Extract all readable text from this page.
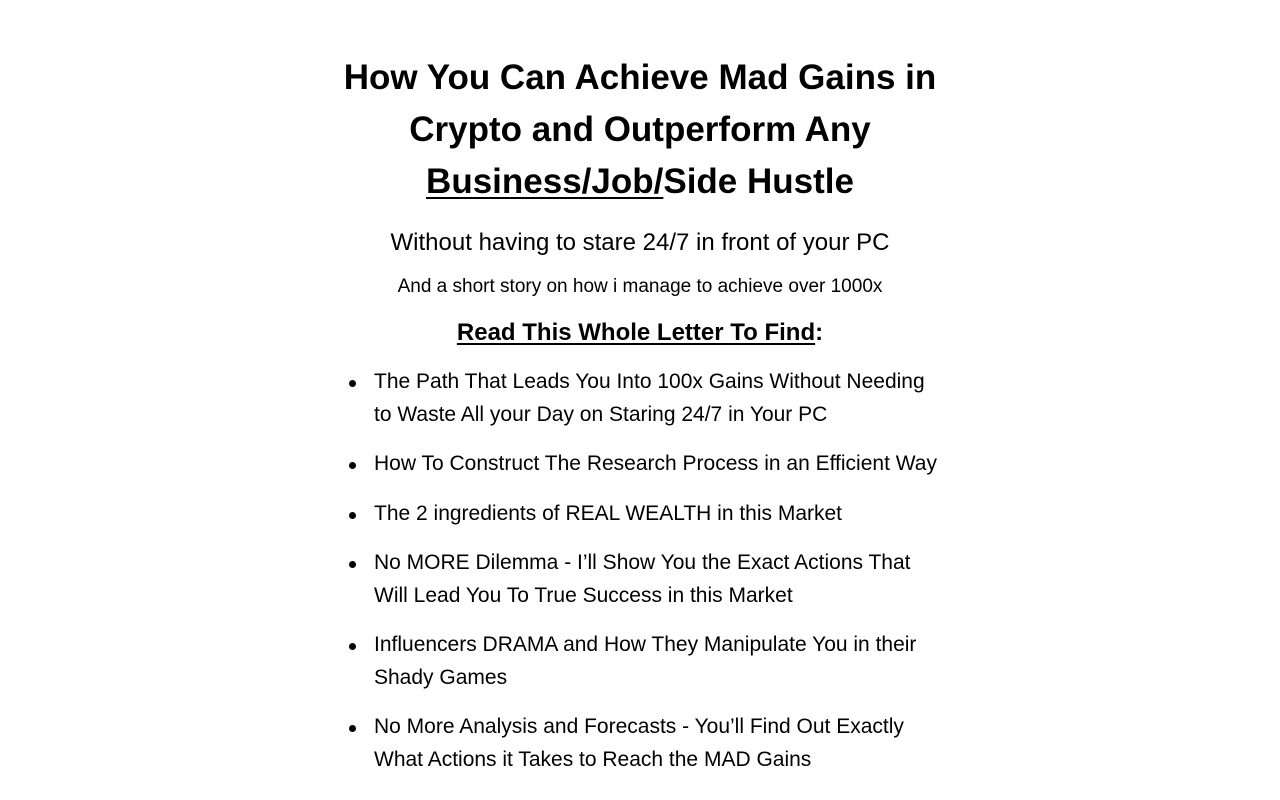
How You Can Achieve Mad Gains in Crypto and Outperform Any Business/Job/Side Hustle
Without having to stare 24/7 in front of your PC
And a short story on how i manage to achieve over 1000x
Read This Whole Letter To Find:
The Path That Leads You Into 100x Gains Without Needing to Waste All your Day on Staring 24/7 in Your PC
How To Construct The Research Process in an Efficient Way
The 2 ingredients of REAL WEALTH in this Market
No MORE Dilemma - I’ll Show You the Exact Actions That Will Lead You To True Success in this Market
Influencers DRAMA and How They Manipulate You in their Shady Games
No More Analysis and Forecasts - You’ll Find Out Exactly What Actions it Takes to Reach the MAD Gains
